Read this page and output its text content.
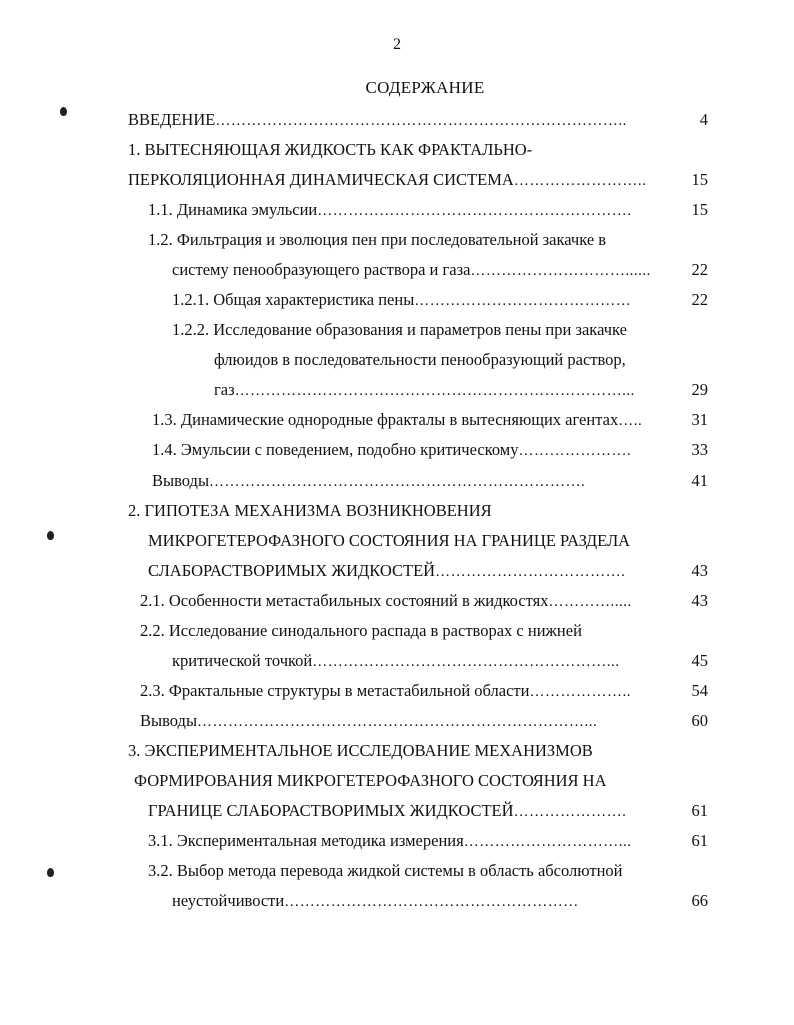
2
СОДЕРЖАНИЕ
ВВЕДЕНИЕ……………………………………………………………………..	4
1. ВЫТЕСНЯЮЩАЯ ЖИДКОСТЬ КАК ФРАКТАЛЬНО-
ПЕРКОЛЯЦИОННАЯ ДИНАМИЧЕСКАЯ СИСТЕМА……………………..	15
1.1. Динамика эмульсии…………………………………………………….	15
1.2. Фильтрация и эволюция пен при последовательной закачке в
систему пенообразующего раствора и газа…………………………......	22
1.2.1. Общая характеристика пены……………………………………	22
1.2.2. Исследование образования и параметров пены при закачке
флюидов в последовательности пенообразующий раствор,
газ…………………………………………………………………...	29
1.3. Динамические однородные фракталы в вытесняющих агентах…..	31
1.4. Эмульсии с поведением, подобно критическому………………….	33
Выводы……………………………………………………………….	41
2. ГИПОТЕЗА МЕХАНИЗМА ВОЗНИКНОВЕНИЯ
МИКРОГЕТЕРОФАЗНОГО СОСТОЯНИЯ НА ГРАНИЦЕ РАЗДЕЛА
СЛАБОРАСТВОРИМЫХ ЖИДКОСТЕЙ……………………………….	43
2.1. Особенности метастабильных состояний в жидкостях………….....	43
2.2. Исследование синодального распада в растворах с нижней
критической точкой…………………………………………………...	45
2.3. Фрактальные структуры в метастабильной области………………..	54
Выводы…………………………………………………………………...	60
3. ЭКСПЕРИМЕНТАЛЬНОЕ ИССЛЕДОВАНИЕ МЕХАНИЗМОВ
ФОРМИРОВАНИЯ МИКРОГЕТЕРОФАЗНОГО СОСТОЯНИЯ НА
ГРАНИЦЕ СЛАБОРАСТВОРИМЫХ ЖИДКОСТЕЙ………………….	61
3.1. Экспериментальная методика измерения…………………………...	61
3.2. Выбор метода перевода жидкой системы в область абсолютной
неустойчивости…………………………………………………	66
